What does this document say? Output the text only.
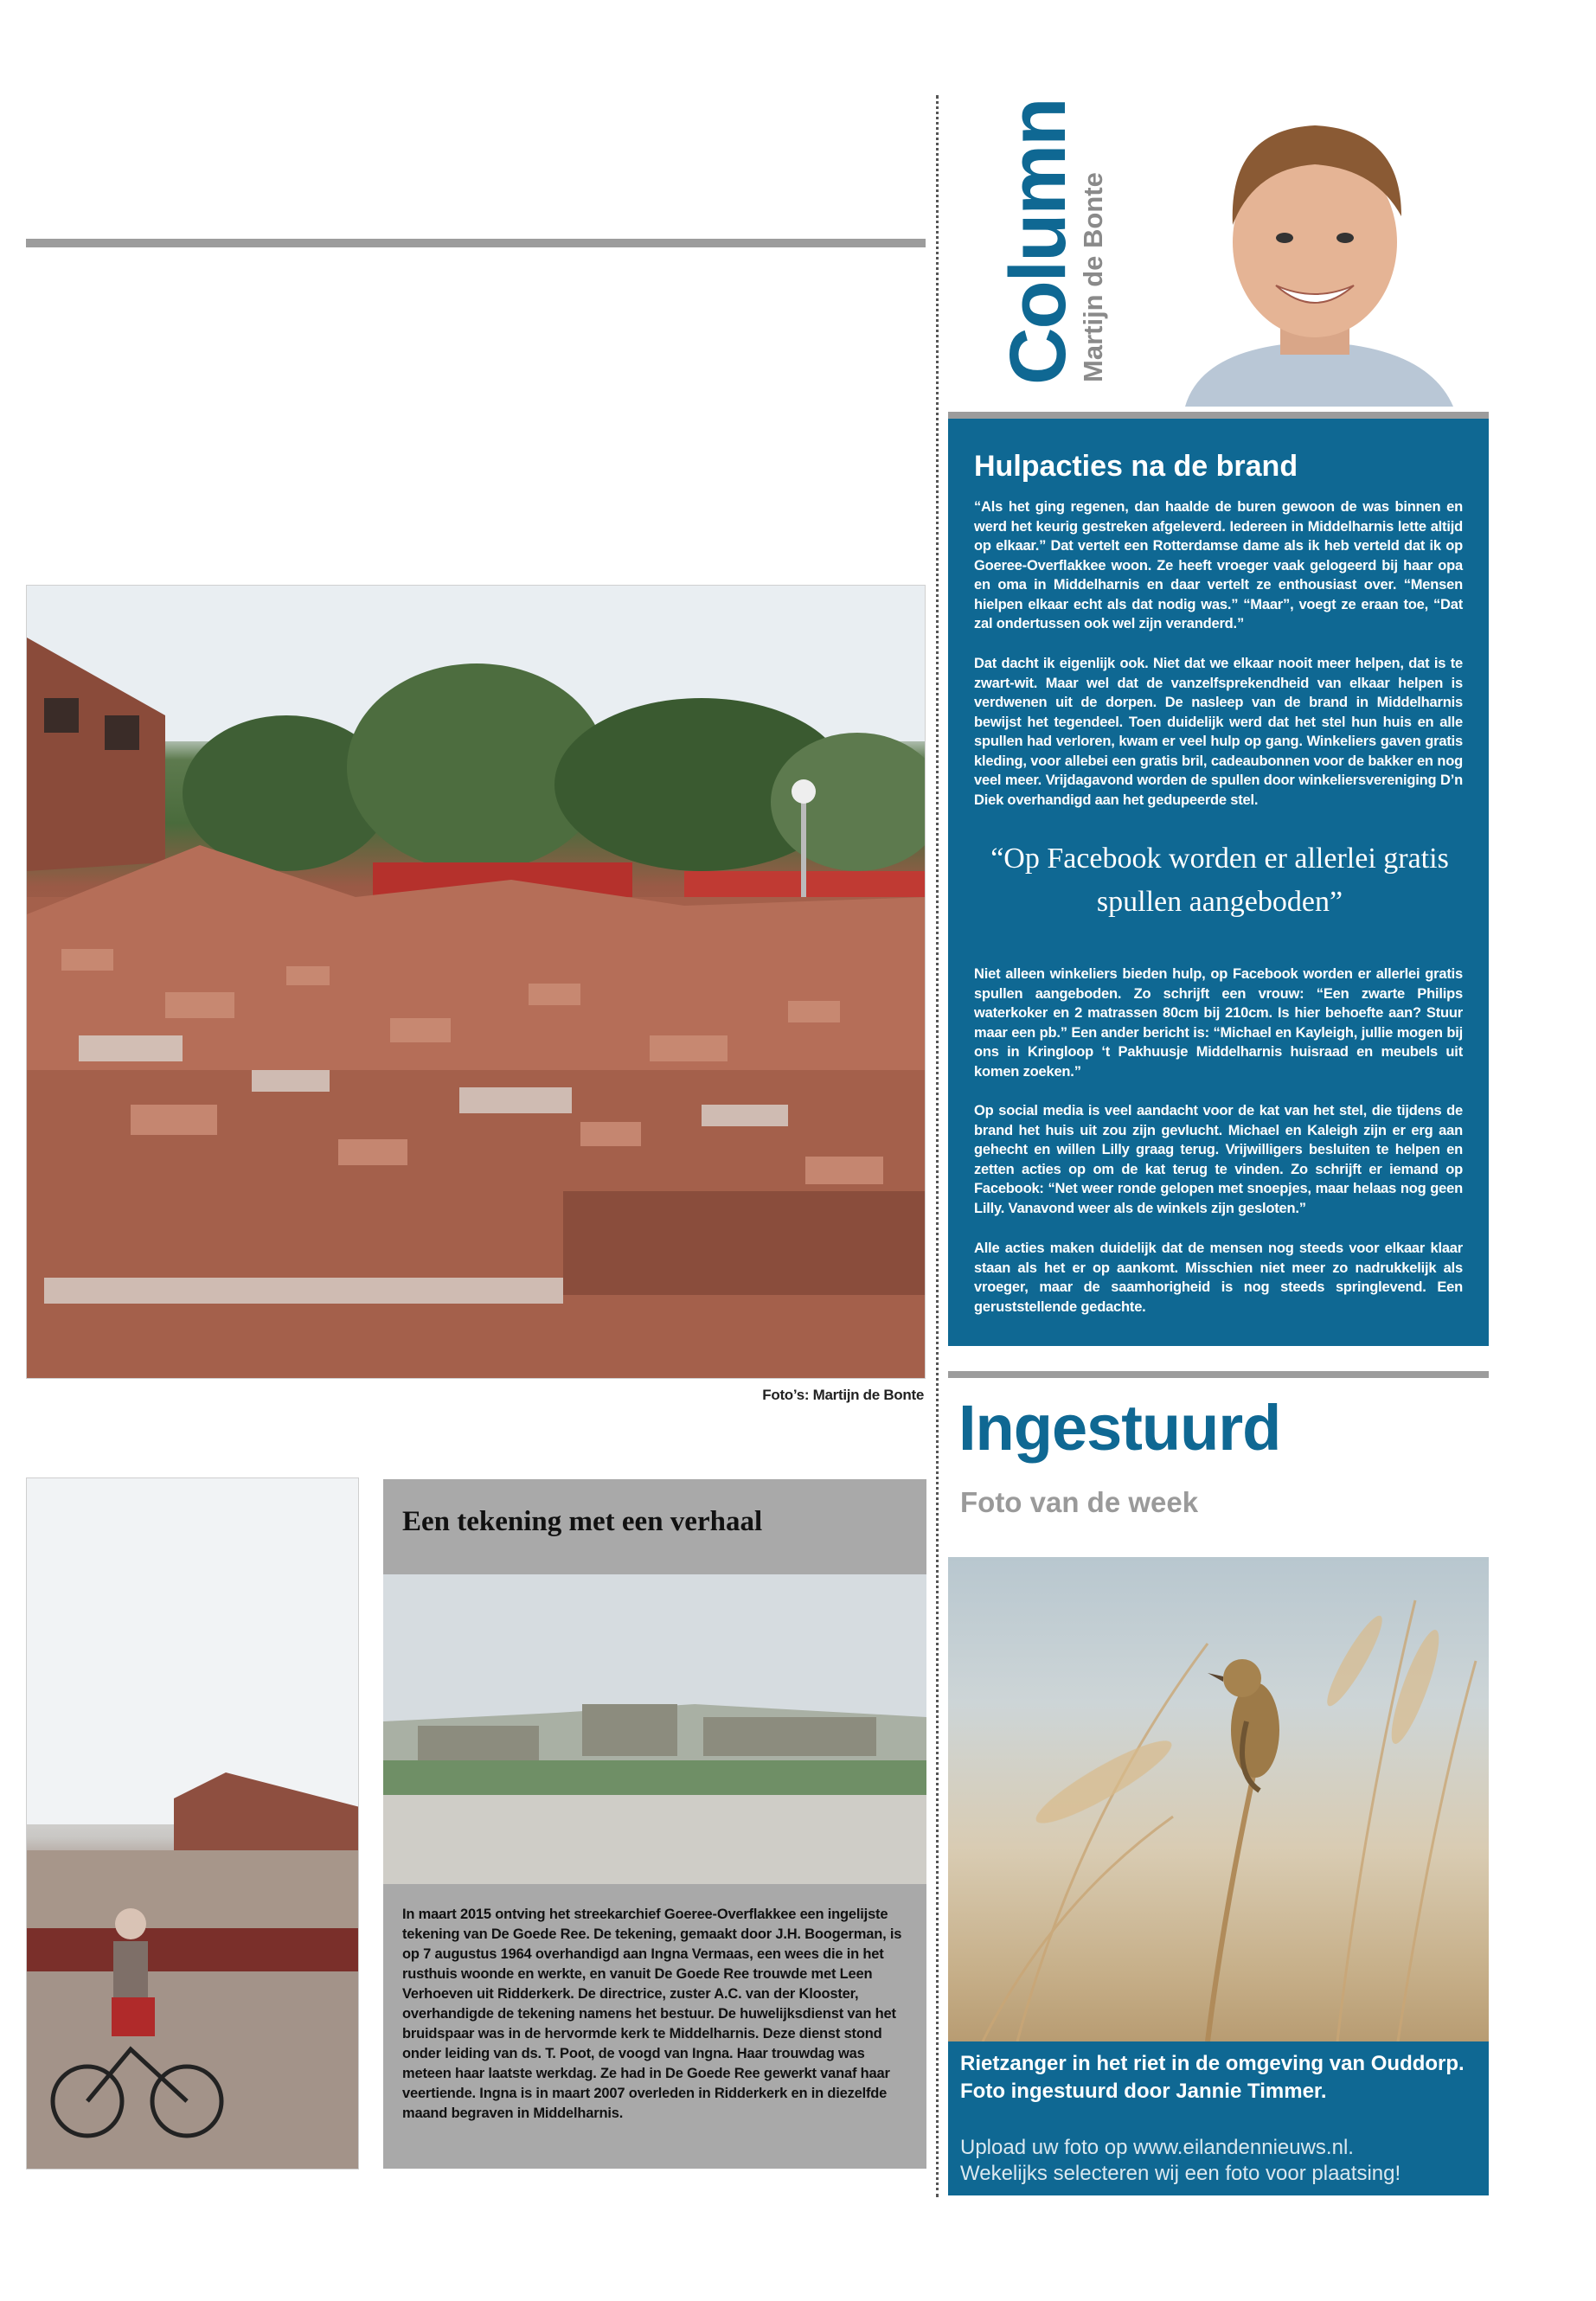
Foto’s: Martijn de Bonte
Een tekening met een verhaal
In maart 2015 ontving het streekarchief Goeree-Overflakkee een ingelijste tekening van De Goede Ree. De tekening, gemaakt door J.H. Boogerman, is op 7 augustus 1964 overhandigd aan Ingna Vermaas, een wees die in het rusthuis woonde en werkte, en vanuit De Goede Ree trouwde met Leen Verhoeven uit Ridderkerk. De directrice, zuster A.C. van der Klooster, overhandigde de tekening namens het bestuur. De huwelijksdienst van het bruidspaar was in de hervormde kerk te Middelharnis. Deze dienst stond onder leiding van ds. T. Poot, de voogd van Ingna. Haar trouwdag was meteen haar laatste werkdag. Ze had in De Goede Ree gewerkt vanaf haar veertiende. Ingna is in maart 2007 overleden in Ridderkerk en in diezelfde maand begraven in Middelharnis.
Column
Martijn de Bonte
Hulpacties na de brand
“Als het ging regenen, dan haalde de buren gewoon de was binnen en werd het keurig gestreken afgeleverd. Iedereen in Middelharnis lette altijd op elkaar.” Dat vertelt een Rotterdamse dame als ik heb verteld dat ik op Goeree-Overflakkee woon. Ze heeft vroeger vaak gelogeerd bij haar opa en oma in Middelharnis en daar vertelt ze enthousiast over. “Mensen hielpen elkaar echt als dat nodig was.” “Maar”, voegt ze eraan toe, “Dat zal ondertussen ook wel zijn veranderd.”
Dat dacht ik eigenlijk ook. Niet dat we elkaar nooit meer helpen, dat is te zwart-wit. Maar wel dat de vanzelfsprekendheid van elkaar helpen is verdwenen uit de dorpen. De nasleep van de brand in Middelharnis bewijst het tegendeel. Toen duidelijk werd dat het stel hun huis en alle spullen had verloren, kwam er veel hulp op gang. Winkeliers gaven gratis kleding, voor allebei een gratis bril, cadeaubonnen voor de bakker en nog veel meer. Vrijdagavond worden de spullen door winkeliersvereniging D’n Diek overhandigd aan het gedupeerde stel.
“Op Facebook worden er allerlei gratis spullen aangeboden”
Niet alleen winkeliers bieden hulp, op Facebook worden er allerlei gratis spullen aangeboden. Zo schrijft een vrouw: “Een zwarte Philips waterkoker en 2 matrassen 80cm bij 210cm. Is hier behoefte aan? Stuur maar een pb.” Een ander bericht is: “Michael en Kayleigh, jullie mogen bij ons in Kringloop ‘t Pakhuusje Middelharnis huisraad en meubels uit komen zoeken.”
Op social media is veel aandacht voor de kat van het stel, die tijdens de brand het huis uit zou zijn gevlucht. Michael en Kaleigh zijn er erg aan gehecht en willen Lilly graag terug. Vrijwilligers besluiten te helpen en zetten acties op om de kat terug te vinden. Zo schrijft er iemand op Facebook: “Net weer ronde gelopen met snoepjes, maar helaas nog geen Lilly. Vanavond weer als de winkels zijn gesloten.”
Alle acties maken duidelijk dat de mensen nog steeds voor elkaar klaar staan als het er op aankomt. Misschien niet meer zo nadrukkelijk als vroeger, maar de saamhorigheid is nog steeds springlevend. Een geruststellende gedachte.
Ingestuurd
Foto van de week
Rietzanger in het riet in de omgeving van Ouddorp. Foto ingestuurd door Jannie Timmer.
Upload uw foto op www.eilandennieuws.nl.
Wekelijks selecteren wij een foto voor plaatsing!
